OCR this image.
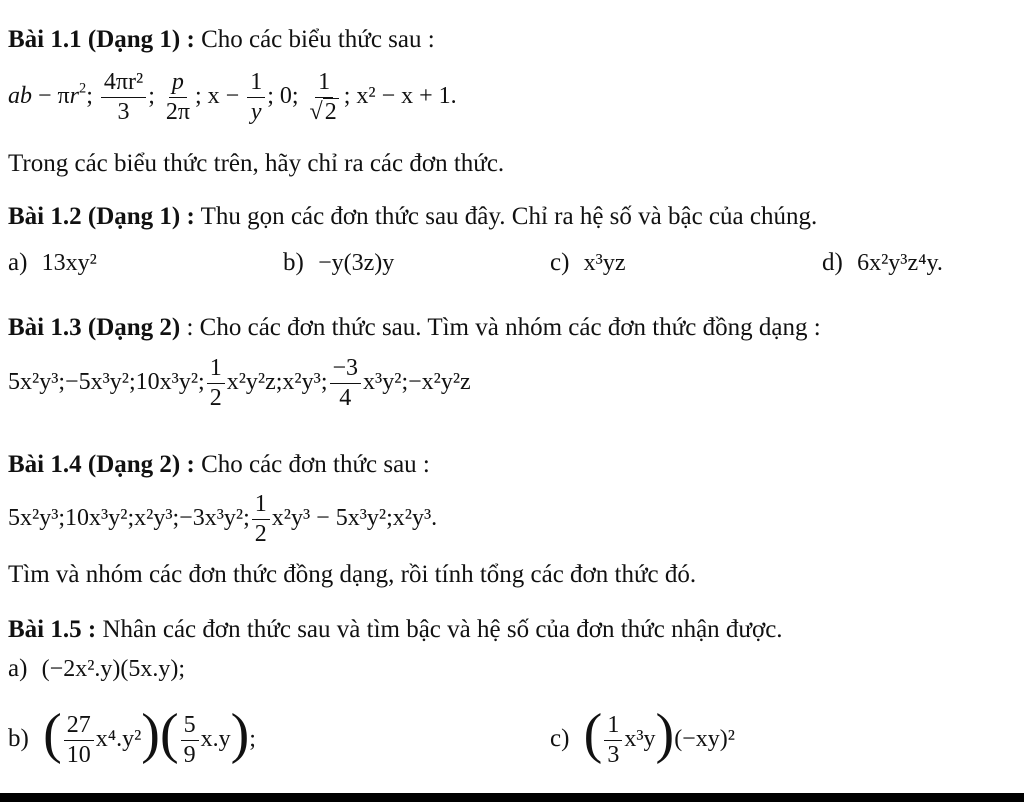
Bài 1.1 (Dạng 1) : Cho các biểu thức sau :
ab − $\pi r^2$; $\frac{\text{4πr²}}{3}$ ; $\frac{p}{2\pi}$ ; $x - \frac{1}{y}$ ; 0; $\frac{1}{√2}$ ; x² − x + 1.
Trong các biểu thức trên, hãy chỉ ra các đơn thức.
Bài 1.2 (Dạng 1) : Thu gọn các đơn thức sau đây. Chỉ ra hệ số và bậc của chúng.
a) 13xy²	b) −y(3z)y	c) x³yz	d) 6x²y³z⁴y.
Bài 1.3 (Dạng 2) : Cho các đơn thức sau. Tìm và nhóm các đơn thức đồng dạng :
5x²y³;−5x³y²;10x³y²; $\frac{1}{2}$ x²y²z;x²y³; $\frac{-3}{4}$ x³y²;−x²y²z
Bài 1.4 (Dạng 2) : Cho các đơn thức sau :
5x²y³;10x³y²;x²y³;−3x³y²; $\frac{1}{2} x^2y^3$ − 5x³y²;x²y³.
Tìm và nhóm các đơn thức đồng dạng, rồi tính tổng các đơn thức đó.
Bài 1.5 : Nhân các đơn thức sau và tìm bậc và hệ số của đơn thức nhận được.
a) (−2x².y)(5x.y);
b) ( $\frac{27}{10} x^4.y^2)( \frac{5}{9} x.y)$;	c) ( $\frac{1}{3} x^3y)(-xy)^2$
